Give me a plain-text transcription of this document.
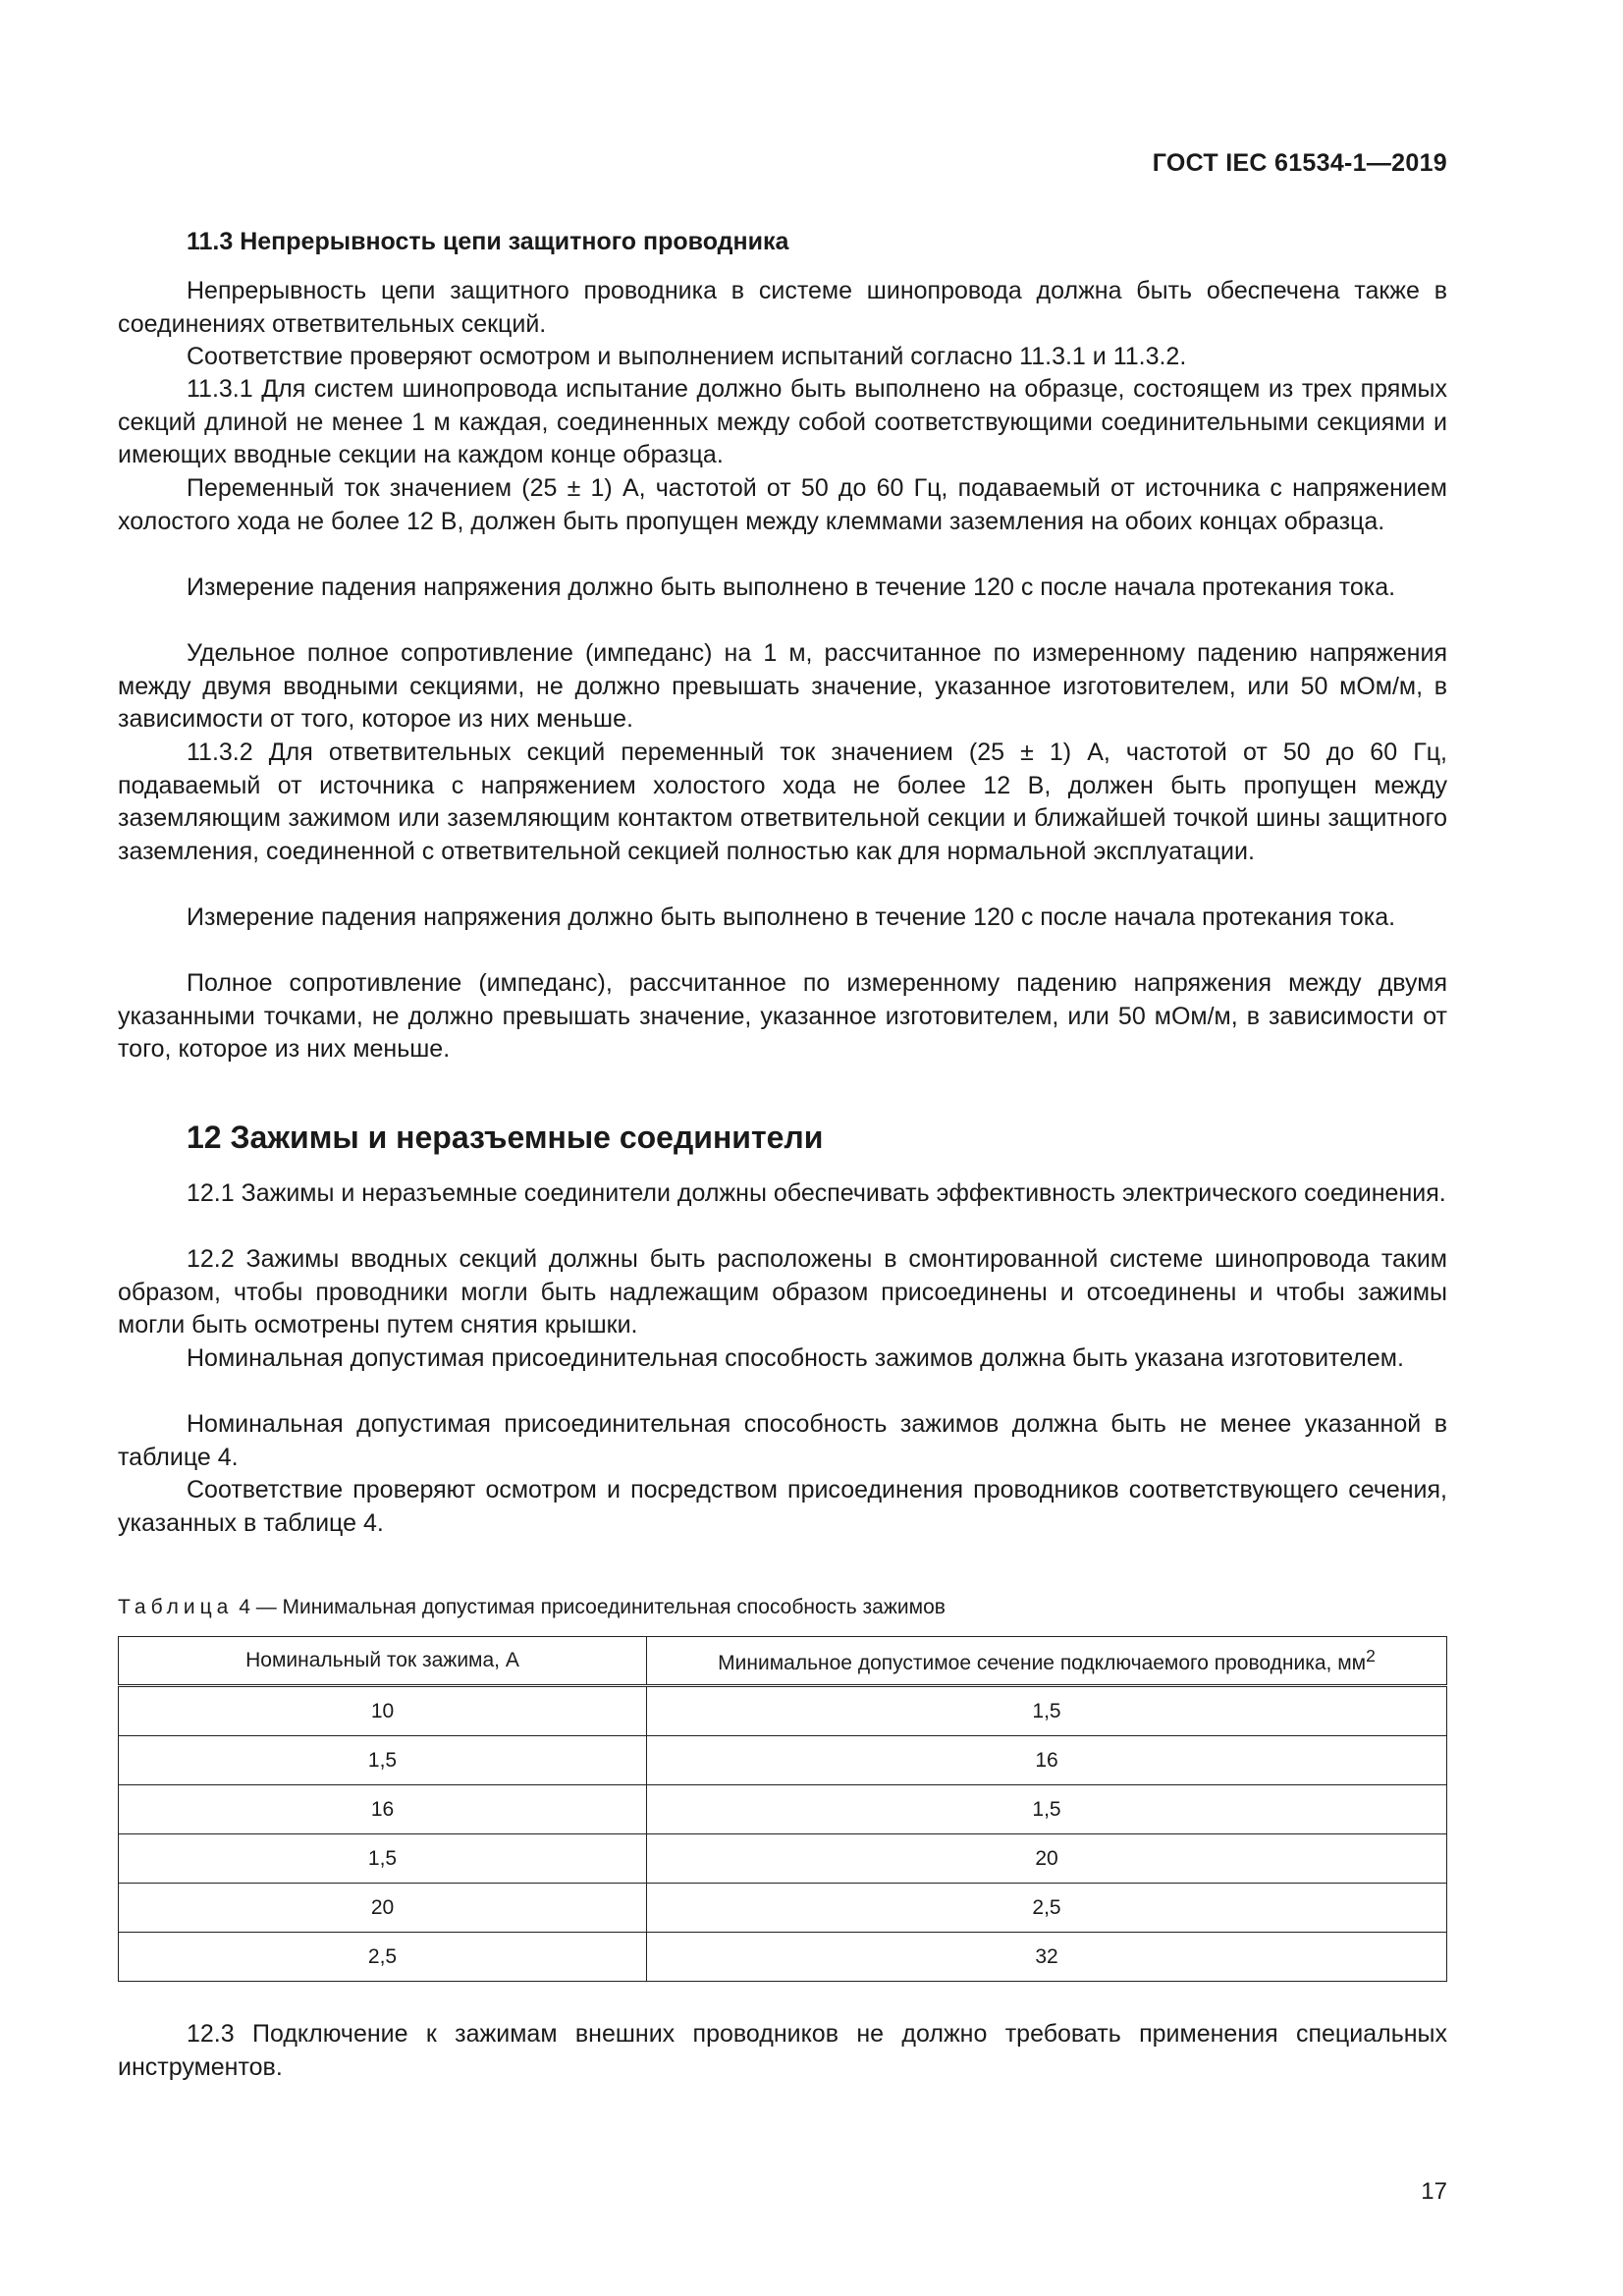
ГОСТ IEC 61534-1—2019
11.3 Непрерывность цепи защитного проводника

Непрерывность цепи защитного проводника в системе шинопровода должна быть обеспечена также в соединениях ответвительных секций.

Соответствие проверяют осмотром и выполнением испытаний согласно 11.3.1 и 11.3.2.

11.3.1 Для систем шинопровода испытание должно быть выполнено на образце, состоящем из трех прямых секций длиной не менее 1 м каждая, соединенных между собой соответствующими соединительными секциями и имеющих вводные секции на каждом конце образца.

Переменный ток значением (25 ± 1) А, частотой от 50 до 60 Гц, подаваемый от источника с напряжением холостого хода не более 12 В, должен быть пропущен между клеммами заземления на обоих концах образца.

Измерение падения напряжения должно быть выполнено в течение 120 с после начала протекания тока.

Удельное полное сопротивление (импеданс) на 1 м, рассчитанное по измеренному падению напряжения между двумя вводными секциями, не должно превышать значение, указанное изготовителем, или 50 мОм/м, в зависимости от того, которое из них меньше.

11.3.2 Для ответвительных секций переменный ток значением (25 ± 1) А, частотой от 50 до 60 Гц, подаваемый от источника с напряжением холостого хода не более 12 В, должен быть пропущен между заземляющим зажимом или заземляющим контактом ответвительной секции и ближайшей точкой шины защитного заземления, соединенной с ответвительной секцией полностью как для нормальной эксплуатации.

Измерение падения напряжения должно быть выполнено в течение 120 с после начала протекания тока.

Полное сопротивление (импеданс), рассчитанное по измеренному падению напряжения между двумя указанными точками, не должно превышать значение, указанное изготовителем, или 50 мОм/м, в зависимости от того, которое из них меньше.

12 Зажимы и неразъемные соединители

12.1 Зажимы и неразъемные соединители должны обеспечивать эффективность электрического соединения.

12.2 Зажимы вводных секций должны быть расположены в смонтированной системе шинопровода таким образом, чтобы проводники могли быть надлежащим образом присоединены и отсоединены и чтобы зажимы могли быть осмотрены путем снятия крышки.

Номинальная допустимая присоединительная способность зажимов должна быть указана изготовителем.

Номинальная допустимая присоединительная способность зажимов должна быть не менее указанной в таблице 4.

Соответствие проверяют осмотром и посредством присоединения проводников соответствующего сечения, указанных в таблице 4.

Таблица 4 — Минимальная допустимая присоединительная способность зажимов
Номинальный ток зажима, А	Минимальное допустимое сечение подключаемого проводника, $мм^2$
10	1,5
1,5	16
16	1,5
1,5	20
20	2,5
2,5	32

12.3 Подключение к зажимам внешних проводников не должно требовать применения специальных инструментов.

17
